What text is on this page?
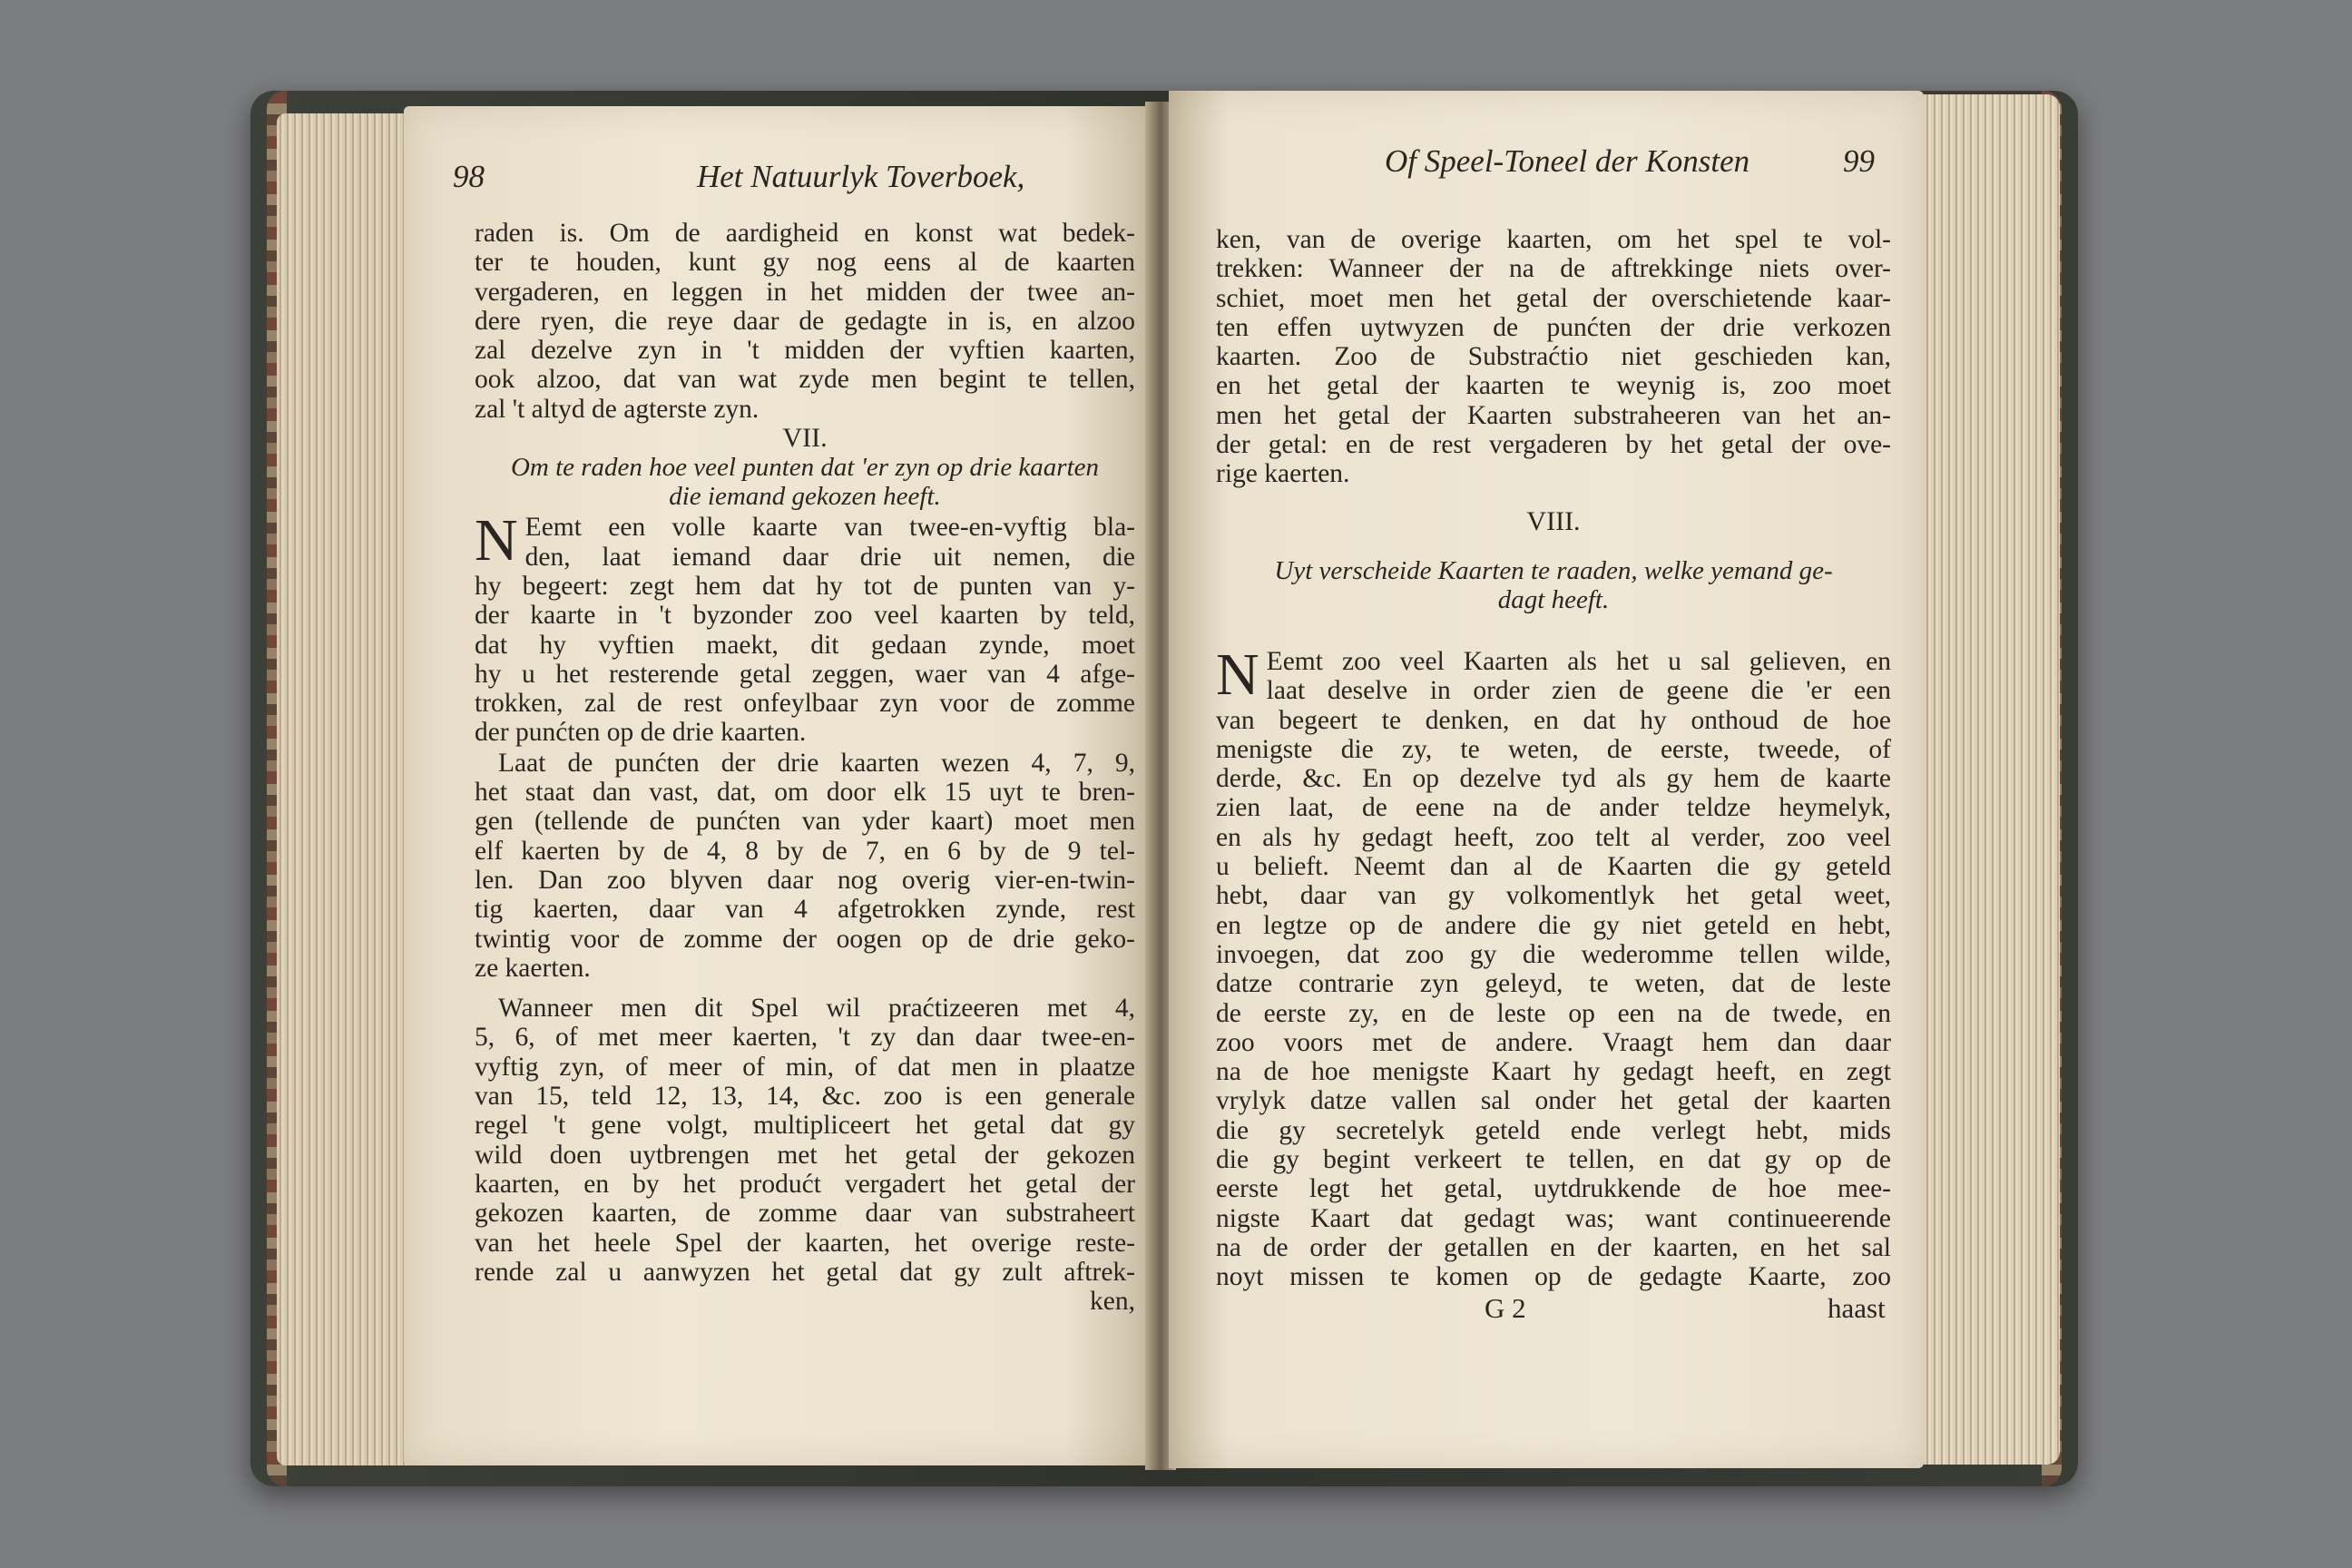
98	Het Natuurlyk Toverboek,
raden is. Om de aardigheid en konst wat bedek-
ter te houden, kunt gy nog eens al de kaarten
vergaderen, en leggen in het midden der twee an-
dere ryen, die reye daar de gedagte in is, en alzoo
zal dezelve zyn in 't midden der vyftien kaarten,
ook alzoo, dat van wat zyde men begint te tellen,
zal 't altyd de agterste zyn.
VII.
Om te raden hoe veel punten dat 'er zyn op drie kaarten
die iemand gekozen heeft.
N Eemt een volle kaarte van twee-en-vyftig bla-
den, laat iemand daar drie uit nemen, die
hy begeert: zegt hem dat hy tot de punten van y-
der kaarte in 't byzonder zoo veel kaarten by teld,
dat hy vyftien maekt, dit gedaan zynde, moet
hy u het resterende getal zeggen, waer van 4 afge-
trokken, zal de rest onfeylbaar zyn voor de zomme
der punćten op de drie kaarten.
Laat de punćten der drie kaarten wezen 4, 7, 9,
het staat dan vast, dat, om door elk 15 uyt te bren-
gen (tellende de punćten van yder kaart) moet men
elf kaerten by de 4, 8 by de 7, en 6 by de 9 tel-
len. Dan zoo blyven daar nog overig vier-en-twin-
tig kaerten, daar van 4 afgetrokken zynde, rest
twintig voor de zomme der oogen op de drie geko-
ze kaerten.
Wanneer men dit Spel wil praćtizeeren met 4,
5, 6, of met meer kaerten, 't zy dan daar twee-en-
vyftig zyn, of meer of min, of dat men in plaatze
van 15, teld 12, 13, 14, &c. zoo is een generale
regel 't gene volgt, multipliceert het getal dat gy
wild doen uytbrengen met het getal der gekozen
kaarten, en by het produćt vergadert het getal der
gekozen kaarten, de zomme daar van substraheert
van het heele Spel der kaarten, het overige reste-
rende zal u aanwyzen het getal dat gy zult aftrek-
ken,
Of Speel-Toneel der Konsten	99
ken, van de overige kaarten, om het spel te vol-
trekken: Wanneer der na de aftrekkinge niets over-
schiet, moet men het getal der overschietende kaar-
ten effen uytwyzen de punćten der drie verkozen
kaarten. Zoo de Substraćtio niet geschieden kan,
en het getal der kaarten te weynig is, zoo moet
men het getal der Kaarten substraheeren van het an-
der getal: en de rest vergaderen by het getal der ove-
rige kaerten.
VIII.
Uyt verscheide Kaarten te raaden, welke yemand ge-
dagt heeft.
N Eemt zoo veel Kaarten als het u sal gelieven, en
laat deselve in order zien de geene die 'er een
van begeert te denken, en dat hy onthoud de hoe
menigste die zy, te weten, de eerste, tweede, of
derde, &c. En op dezelve tyd als gy hem de kaarte
zien laat, de eene na de ander teldze heymelyk,
en als hy gedagt heeft, zoo telt al verder, zoo veel
u belieft. Neemt dan al de Kaarten die gy geteld
hebt, daar van gy volkomentlyk het getal weet,
en legtze op de andere die gy niet geteld en hebt,
invoegen, dat zoo gy die wederomme tellen wilde,
datze contrarie zyn geleyd, te weten, dat de leste
de eerste zy, en de leste op een na de twede, en
zoo voors met de andere. Vraagt hem dan daar
na de hoe menigste Kaart hy gedagt heeft, en zegt
vrylyk datze vallen sal onder het getal der kaarten
die gy secretelyk geteld ende verlegt hebt, mids
die gy begint verkeert te tellen, en dat gy op de
eerste legt het getal, uytdrukkende de hoe mee-
nigste Kaart dat gedagt was; want continueerende
na de order der getallen en der kaarten, en het sal
noyt missen te komen op de gedagte Kaarte, zoo
G 2	haast
